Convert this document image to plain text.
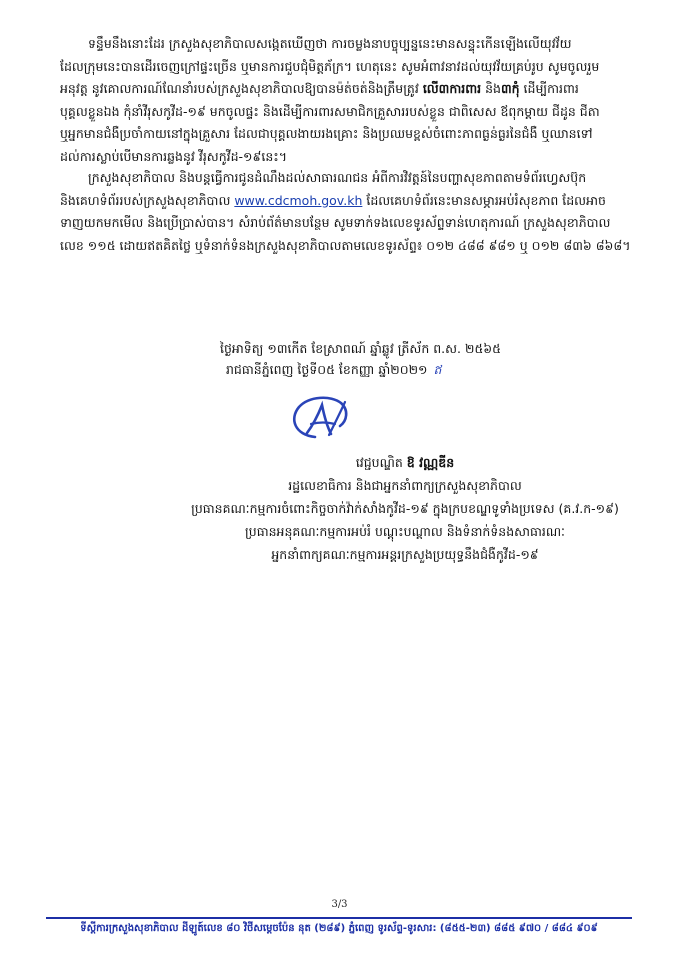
ទន្ទឹមនឹងនោះដែរ ក្រសួងសុខាភិបាលសង្កេតឃើញថា ការចម្លងនាបច្ចុប្បន្ននេះមានសន្ទុះកើនឡើងលើយុវវ័យ
ដែលក្រុមនេះបានដើរចេញក្រៅផ្ទះច្រើន ឬមានការជួបជុំមិត្តភ័ក្រ។ ហេតុនេះ សូមអំពាវនាវដល់យុវវ័យគ្រប់រូប សូមចូលរួម
អនុវត្ត នូវគោលការណ៍ណែនាំរបស់ក្រសួងសុខាភិបាលឱ្យបានម៉ត់ចត់និងត្រឹមត្រូវ លើ៣ការពារ និង៣កុំ ដើម្បីការពារ
បុគ្គលខ្លួនឯង កុំនាំវីរុសកូវីដ-១៩ មកចូលផ្ទះ និងដើម្បីការពារសមាជិកគ្រួសាររបស់ខ្លួន ជាពិសេស ឪពុកម្តាយ ជីដូន ជីតា
ឬអ្នកមានជំងឺប្រចាំកាយនៅក្នុងគ្រួសារ ដែលជាបុគ្គលងាយរងគ្រោះ និងប្រឈមខ្ពស់ចំពោះភាពធ្ងន់ធ្ងរនៃជំងឺ ឬឈានទៅ
ដល់ការស្លាប់បើមានការឆ្លងនូវ វីរុសកូវីដ-១៩នេះ។
ក្រសួងសុខាភិបាល និងបន្តធ្វើការជូនដំណឹងដល់សាធារណជន អំពីការវិវត្តន៍នៃបញ្ហាសុខភាពតាមទំព័រហ្វេសប៊ុក
និងគេហទំព័ររបស់ក្រសួងសុខាភិបាល www.cdcmoh.gov.kh ដែលគេហទំព័រនេះមានសម្ភារអប់រំសុខភាព ដែលអាច
ទាញយកមកមើល និងប្រើប្រាស់បាន។ សំរាប់ព័ត៌មានបន្ថែម សូមទាក់ទងលេខទូរស័ព្ទទាន់ហេតុការណ៍ ក្រសួងសុខាភិបាល
លេខ ១១៥ ដោយឥតគិតថ្លៃ ឬទំនាក់ទំនងក្រសួងសុខាភិបាលតាមលេខទូរស័ព្ទ៖ ០១២ ៤៨៨ ៩៨១ ឬ ០១២ ៨៣៦ ៨៦៨។
ថ្ងៃអាទិត្យ ១៣កើត ខែស្រាពណ៍ ឆ្នាំឆ្លូវ ត្រីស័ក ព.ស. ២៥៦៥
រាជធានីភ្នំពេញ ថ្ងៃទី០៥ ខែកញ្ញា ឆ្នាំ២០២១ ឥ
វេជ្ជបណ្ឌិត ឱ វណ្ណឌីន
រដ្ឋលេខាធិការ និងជាអ្នកនាំពាក្យក្រសួងសុខាភិបាល
ប្រធានគណៈកម្មការចំពោះកិច្ចចាក់វ៉ាក់សាំងកូវីដ-១៩ ក្នុងក្របខណ្ឌទូទាំងប្រទេស (គ.វ.ក-១៩)
ប្រធានអនុគណៈកម្មការអប់រំ បណ្តុះបណ្តាល និងទំនាក់ទំនងសាធារណៈ
អ្នកនាំពាក្យគណៈកម្មការអន្តរក្រសួងប្រយុទ្ធនឹងជំងឺកូវីដ-១៩
3/3
ទីស្តីការក្រសួងសុខាភិបាល ដីឡូត៍លេខ ៨០ វិថីសម្តេចប៉ែន នុត (២៨៩) ភ្នំពេញ ទូរស័ព្ទ-ទូរសារ: (៨៥៥-២៣) ៨៨៥ ៩៧០ / ៨៨៤ ៩០៩
